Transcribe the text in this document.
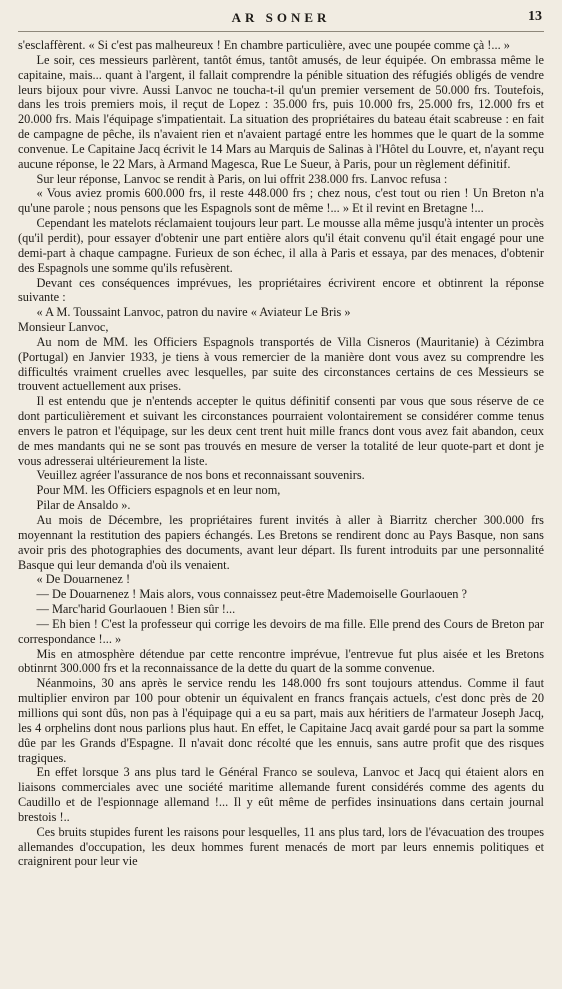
AR SONER	13

s'esclaffèrent. « Si c'est pas malheureux ! En chambre particulière, avec une poupée comme çà !... »

Le soir, ces messieurs parlèrent, tantôt émus, tantôt amusés, de leur équipée. On embrassa même le capitaine, mais... quant à l'argent, il fallait comprendre la pénible situation des réfugiés obligés de vendre leurs bijoux pour vivre. Aussi Lanvoc ne toucha-t-il qu'un premier versement de 50.000 frs. Toutefois, dans les trois premiers mois, il reçut de Lopez : 35.000 frs, puis 10.000 frs, 25.000 frs, 12.000 frs et 20.000 frs. Mais l'équipage s'impatientait. La situation des propriétaires du bateau était scabreuse : en fait de campagne de pêche, ils n'avaient rien et n'avaient partagé entre les hommes que le quart de la somme convenue. Le Capitaine Jacq écrivit le 14 Mars au Marquis de Salinas à l'Hôtel du Louvre, et, n'ayant reçu aucune réponse, le 22 Mars, à Armand Magesca, Rue Le Sueur, à Paris, pour un règlement définitif.

Sur leur réponse, Lanvoc se rendit à Paris, on lui offrit 238.000 frs. Lanvoc refusa :

« Vous aviez promis 600.000 frs, il reste 448.000 frs ; chez nous, c'est tout ou rien ! Un Breton n'a qu'une parole ; nous pensons que les Espagnols sont de même !... » Et il revint en Bretagne !...

Cependant les matelots réclamaient toujours leur part. Le mousse alla même jusqu'à intenter un procès (qu'il perdit), pour essayer d'obtenir une part entière alors qu'il était convenu qu'il était engagé pour une demi-part à chaque campagne. Furieux de son échec, il alla à Paris et essaya, par des menaces, d'obtenir des Espagnols une somme qu'ils refusèrent.

Devant ces conséquences imprévues, les propriétaires écrivirent encore et obtinrent la réponse suivante :

« A M. Toussaint Lanvoc, patron du navire « Aviateur Le Bris »

Monsieur Lanvoc,

Au nom de MM. les Officiers Espagnols transportés de Villa Cisneros (Mauritanie) à Cézimbra (Portugal) en Janvier 1933, je tiens à vous remercier de la manière dont vous avez su comprendre les difficultés vraiment cruelles avec lesquelles, par suite des circonstances certains de ces Messieurs se trouvent actuellement aux prises.

Il est entendu que je n'entends accepter le quitus définitif consenti par vous que sous réserve de ce dont particulièrement et suivant les circonstances pourraient volontairement se considérer comme tenus envers le patron et l'équipage, sur les deux cent trent huit mille francs dont vous avez fait abandon, ceux de mes mandants qui ne se sont pas trouvés en mesure de verser la totalité de leur quote-part et dont je vous adresserai ultérieurement la liste.

Veuillez agréer l'assurance de nos bons et reconnaissant souvenirs.

Pour MM. les Officiers espagnols et en leur nom,

Pilar de Ansaldo ».

Au mois de Décembre, les propriétaires furent invités à aller à Biarritz chercher 300.000 frs moyennant la restitution des papiers échangés. Les Bretons se rendirent donc au Pays Basque, non sans avoir pris des photographies des documents, avant leur départ. Ils furent introduits par une personnalité Basque qui leur demanda d'où ils venaient.

« De Douarnenez !

— De Douarnenez ! Mais alors, vous connaissez peut-être Mademoiselle Gourlaouen ?

— Marc'harid Gourlaouen ! Bien sûr !...

— Eh bien ! C'est la professeur qui corrige les devoirs de ma fille. Elle prend des Cours de Breton par correspondance !... »

Mis en atmosphère détendue par cette rencontre imprévue, l'entrevue fut plus aisée et les Bretons obtinrnt 300.000 frs et la reconnaissance de la dette du quart de la somme convenue.

Néanmoins, 30 ans après le service rendu les 148.000 frs sont toujours attendus. Comme il faut multiplier environ par 100 pour obtenir un équivalent en francs français actuels, c'est donc près de 20 millions qui sont dûs, non pas à l'équipage qui a eu sa part, mais aux héritiers de l'armateur Joseph Jacq, les 4 orphelins dont nous parlions plus haut. En effet, le Capitaine Jacq avait gardé pour sa part la somme dûe par les Grands d'Espagne. Il n'avait donc récolté que les ennuis, sans autre profit que des risques tragiques.

En effet lorsque 3 ans plus tard le Général Franco se souleva, Lanvoc et Jacq qui étaient alors en liaisons commerciales avec une société maritime allemande furent considérés comme des agents du Caudillo et de l'espionnage allemand !... Il y eût même de perfides insinuations dans certain journal brestois !..

Ces bruits stupides furent les raisons pour lesquelles, 11 ans plus tard, lors de l'évacuation des troupes allemandes d'occupation, les deux hommes furent menacés de mort par leurs ennemis politiques et craignirent pour leur vie
